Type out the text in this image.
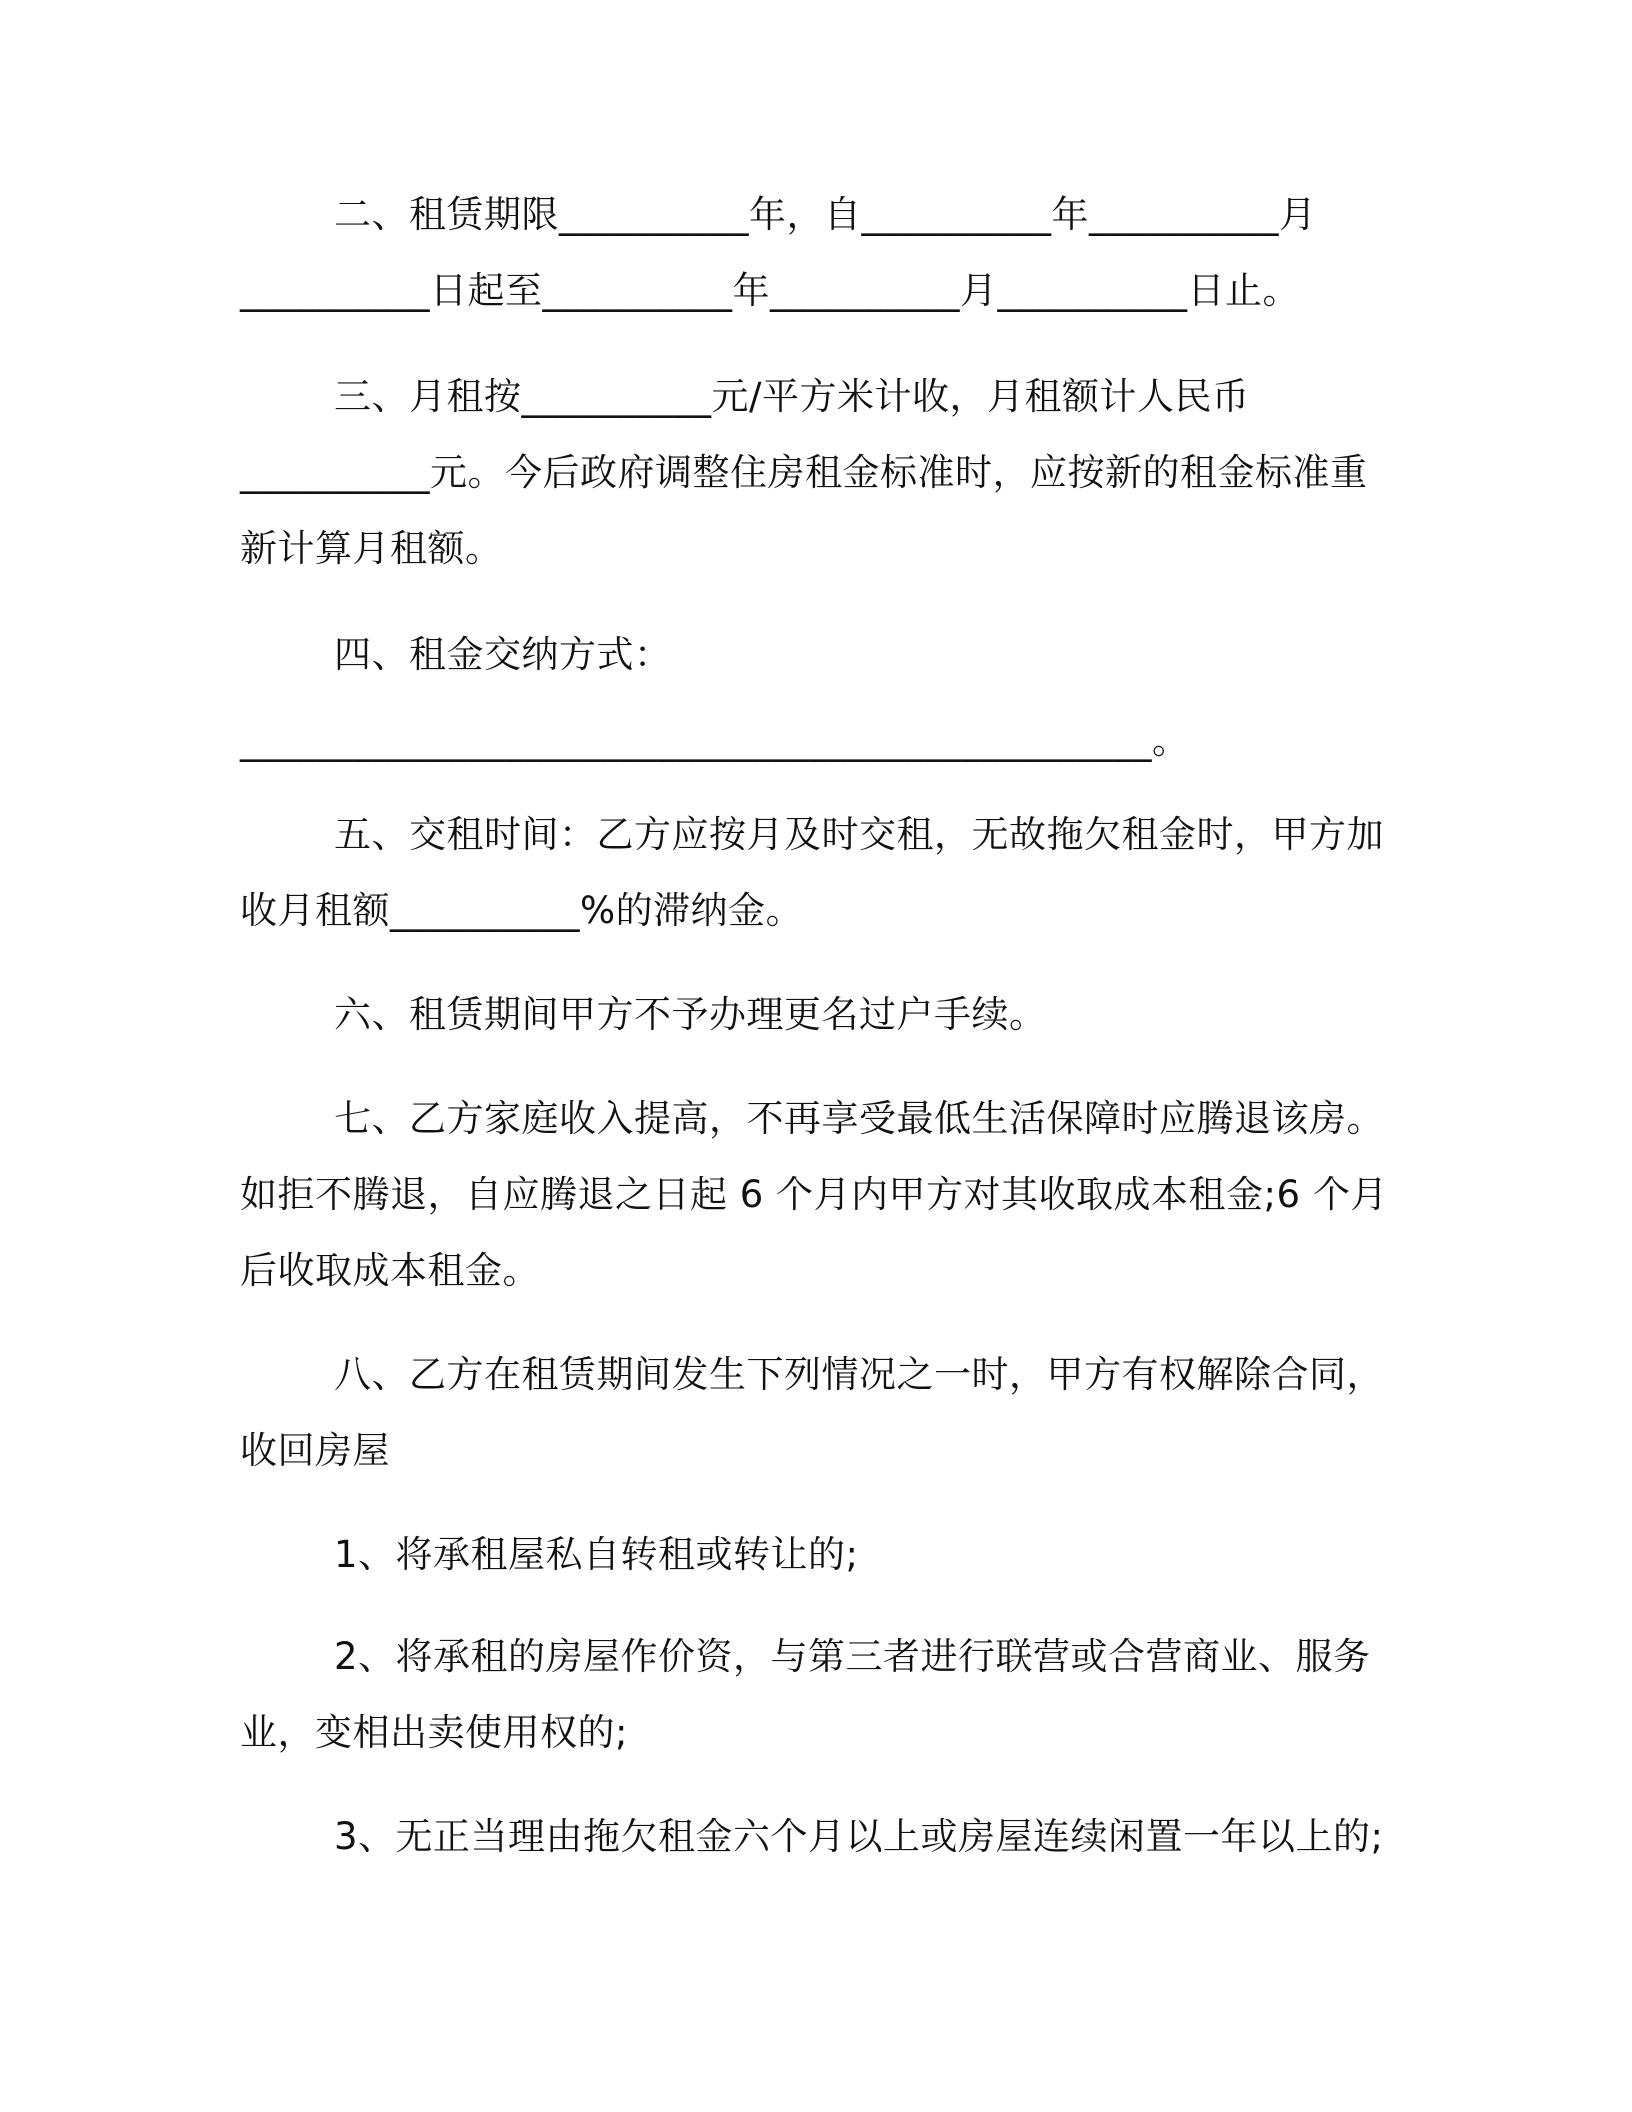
二、租赁期限__________年，自__________年__________月
__________日起至__________年__________月__________日止。
三、月租按__________元/平方米计收，月租额计人民币
__________元。今后政府调整住房租金标准时，应按新的租金标准重
新计算月租额。
四、租金交纳方式：
________________________________________________。
五、交租时间：乙方应按月及时交租，无故拖欠租金时，甲方加
收月租额__________%的滞纳金。
六、租赁期间甲方不予办理更名过户手续。
七、乙方家庭收入提高，不再享受最低生活保障时应腾退该房。
如拒不腾退，自应腾退之日起 6 个月内甲方对其收取成本租金;6 个月
后收取成本租金。
八、乙方在租赁期间发生下列情况之一时，甲方有权解除合同，
收回房屋
1、将承租屋私自转租或转让的;
2、将承租的房屋作价资，与第三者进行联营或合营商业、服务
业，变相出卖使用权的;
3、无正当理由拖欠租金六个月以上或房屋连续闲置一年以上的;
